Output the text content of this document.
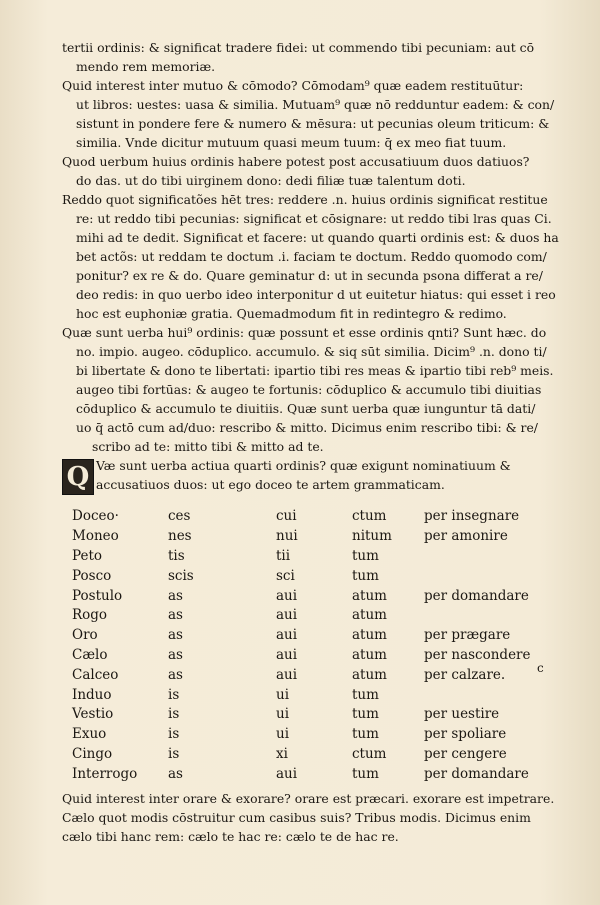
tertii ordinis: & significat tradere fidei: ut commendo tibi pecuniam: aut cō
mendo rem memoriæ.
Quid interest inter mutuo & cōmodo? Cōmodam⁹ quæ eadem restituūtur:
ut libros: uestes: uasa & similia. Mutuam⁹ quæ nō redduntur eadem: & con/
sistunt in pondere fere & numero & mēsura: ut pecunias oleum triticum: &
similia. Vnde dicitur mutuum quasi meum tuum: q̄ ex meo fiat tuum.
Quod uerbum huius ordinis habere potest post accusatiuum duos datiuos?
do das. ut do tibi uirginem dono: dedi filiæ tuæ talentum doti.
Reddo quot significatões hēt tres: reddere .n. huius ordinis significat restitue
re: ut reddo tibi pecunias: significat et cōsignare: ut reddo tibi lras quas Ci.
mihi ad te dedit. Significat et facere: ut quando quarti ordinis est: & duos ha
bet actõs: ut reddam te doctum .i. faciam te doctum. Reddo quomodo com/
ponitur? ex re & do. Quare geminatur d: ut in secunda psona differat a re/
deo redis: in quo uerbo ideo interponitur d ut euitetur hiatus: qui esset i reo
hoc est euphoniæ gratia. Quemadmodum fit in redintegro & redimo.
Quæ sunt uerba hui⁹ ordinis: quæ possunt et esse ordinis qnti? Sunt hæc. do
no. impio. augeo. cōduplico. accumulo. & siq sūt similia. Dicim⁹ .n. dono ti/
bi libertate & dono te libertati: ipartio tibi res meas & ipartio tibi reb⁹ meis.
augeo tibi fortūas: & augeo te fortunis: cōduplico & accumulo tibi diuitias
cōduplico & accumulo te diuitiis. Quæ sunt uerba quæ iunguntur tā dati/
uo q̄ actō cum ad/duo: rescribo & mitto. Dicimus enim rescribo tibi: & re/
scribo ad te: mitto tibi & mitto ad te.
Q Væ sunt uerba actiua quarti ordinis? quæ exigunt nominatiuum &
accusatiuos duos: ut ego doceo te artem grammaticam.
Doceo·	ces	cui	ctum	per insegnare
Moneo	nes	nui	nitum	per amonire
Peto	tis	tii	tum	
Posco	scis	sci	tum	
Postulo	as	aui	atum	per domandare
Rogo	as	aui	atum	
Oro	as	aui	atum	per prægare
Cælo	as	aui	atum	per nascondere
Calceo	as	aui	atum	per calzare.
Induo	is	ui	tum	
Vestio	is	ui	tum	per uestire
Exuo	is	ui	tum	per spoliare
Cingo	is	xi	ctum	per cengere
Interrogo	as	aui	tum	per domandare
c
Quid interest inter orare & exorare? orare est præcari. exorare est impetrare.
Cælo quot modis cōstruitur cum casibus suis? Tribus modis. Dicimus enim
cælo tibi hanc rem: cælo te hac re: cælo te de hac re.
